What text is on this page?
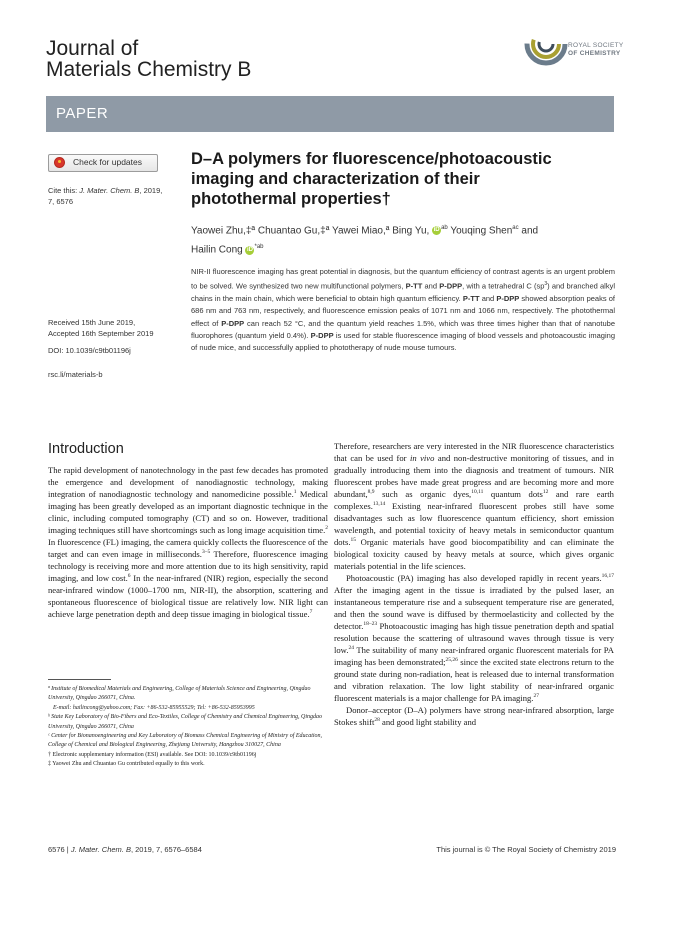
Journal of
Materials Chemistry B
ROYAL SOCIETY
OF CHEMISTRY
PAPER
Check for updates
Cite this: J. Mater. Chem. B, 2019, 7, 6576
Received 15th June 2019,
Accepted 16th September 2019
DOI: 10.1039/c9tb01196j
rsc.li/materials-b
D–A polymers for fluorescence/photoacoustic
imaging and characterization of their
photothermal properties†
Yaowei Zhu,‡ª Chuantao Gu,‡ª Yawei Miao,ª Bing Yu, iD $^{ab}$ Youqing Shen$^{ac}$ and
Hailin Cong iD $^{*ab}$
NIR-II fluorescence imaging has great potential in diagnosis, but the quantum efficiency of contrast agents is an urgent problem to be solved. We synthesized two new multifunctional polymers, P-TT and P-DPP, with a tetrahedral C $(sp^3)$ and branched alkyl chains in the main chain, which were beneficial to obtain high quantum efficiency. P-TT and P-DPP showed absorption peaks of 686 nm and 763 nm, respectively, and fluorescence emission peaks of 1071 nm and 1066 nm, respectively. The photothermal effect of P-DPP can reach 52 °C, and the quantum yield reaches 1.5%, which was three times higher than that of nanotube fluorophores (quantum yield 0.4%). P-DPP is used for stable fluorescence imaging of blood vessels and photoacoustic imaging of nude mice, and successfully applied to phototherapy of nude mouse tumours.
Introduction

The rapid development of nanotechnology in the past few decades has promoted the emergence and development of nanodiagnostic technology, making integration of nanodiagnostic technology and nanomedicine possible.$^1$ Medical imaging has been greatly developed as an important diagnostic technique in the clinic, including computed tomography (CT) and so on. However, traditional imaging techniques still have shortcomings such as long image acquisition time.$^2$ In fluorescence (FL) imaging, the camera quickly collects the fluorescence of the target and can even image in milliseconds.$^{3-5}$ Therefore, fluorescence imaging technology is receiving more and more attention due to its high sensitivity, rapid imaging, and low cost.$^6$ In the near-infrared (NIR) region, especially the second near-infrared window (1000–1700 nm, NIR-II), the absorption, scattering and spontaneous fluorescence of biological tissue are relatively low. NIR light can achieve large penetration depth and deep tissue imaging in biological tissue.$^7$

ª Institute of Biomedical Materials and Engineering, College of Materials Science and Engineering, Qingdao University, Qingdao 266071, China.
E-mail: hailincong@yahoo.com; Fax: +86-532-85955529; Tel: +86-532-85953995
ᵇ State Key Laboratory of Bio-Fibers and Eco-Textiles, College of Chemistry and Chemical Engineering, Qingdao University, Qingdao 266071, China
ᶜ Center for Bionanoengineering and Key Laboratory of Biomass Chemical Engineering of Ministry of Education, College of Chemical and Biological Engineering, Zhejiang University, Hangzhou 310027, China
† Electronic supplementary information (ESI) available. See DOI: 10.1039/c9tb01196j
‡ Yaowei Zhu and Chuantao Gu contributed equally to this work.

Therefore, researchers are very interested in the NIR fluorescence characteristics that can be used for in vivo and non-destructive monitoring of tissues, and in gradually introducing them into the diagnosis and treatment of tumours. NIR fluorescent probes have made great progress and are becoming more and more abundant,$^{8,9}$ such as organic dyes,$^{10,11}$ quantum dots$^{12}$ and rare earth complexes.$^{13,14}$ Existing near-infrared fluorescent probes still have some disadvantages such as low fluorescence quantum efficiency, short emission wavelength, and potential toxicity of heavy metals in semiconductor quantum dots.$^{15}$ Organic materials have good biocompatibility and can eliminate the biological toxicity caused by heavy metals at source, which gives organic materials potential in the life sciences.

Photoacoustic (PA) imaging has also developed rapidly in recent years.$^{16,17}$ After the imaging agent in the tissue is irradiated by the pulsed laser, an instantaneous temperature rise and a subsequent temperature rise are generated, and then the sound wave is diffused by thermoelasticity and collected by the detector.$^{18-23}$ Photoacoustic imaging has high tissue penetration depth and spatial resolution because the scattering of ultrasound waves through tissue is very low.$^{24}$ The suitability of many near-infrared organic fluorescent materials for PA imaging has been demonstrated;$^{25,26}$ since the excited state electrons return to the ground state during non-radiation, heat is released due to internal transformation and vibration relaxation. The low light stability of near-infrared organic fluorescent materials is a major challenge for PA imaging.$^{27}$

Donor–acceptor (D–A) polymers have strong near-infrared absorption, large Stokes shift$^{28}$ and good light stability and

6576 | J. Mater. Chem. B, 2019, 7, 6576–6584	This journal is © The Royal Society of Chemistry 2019
